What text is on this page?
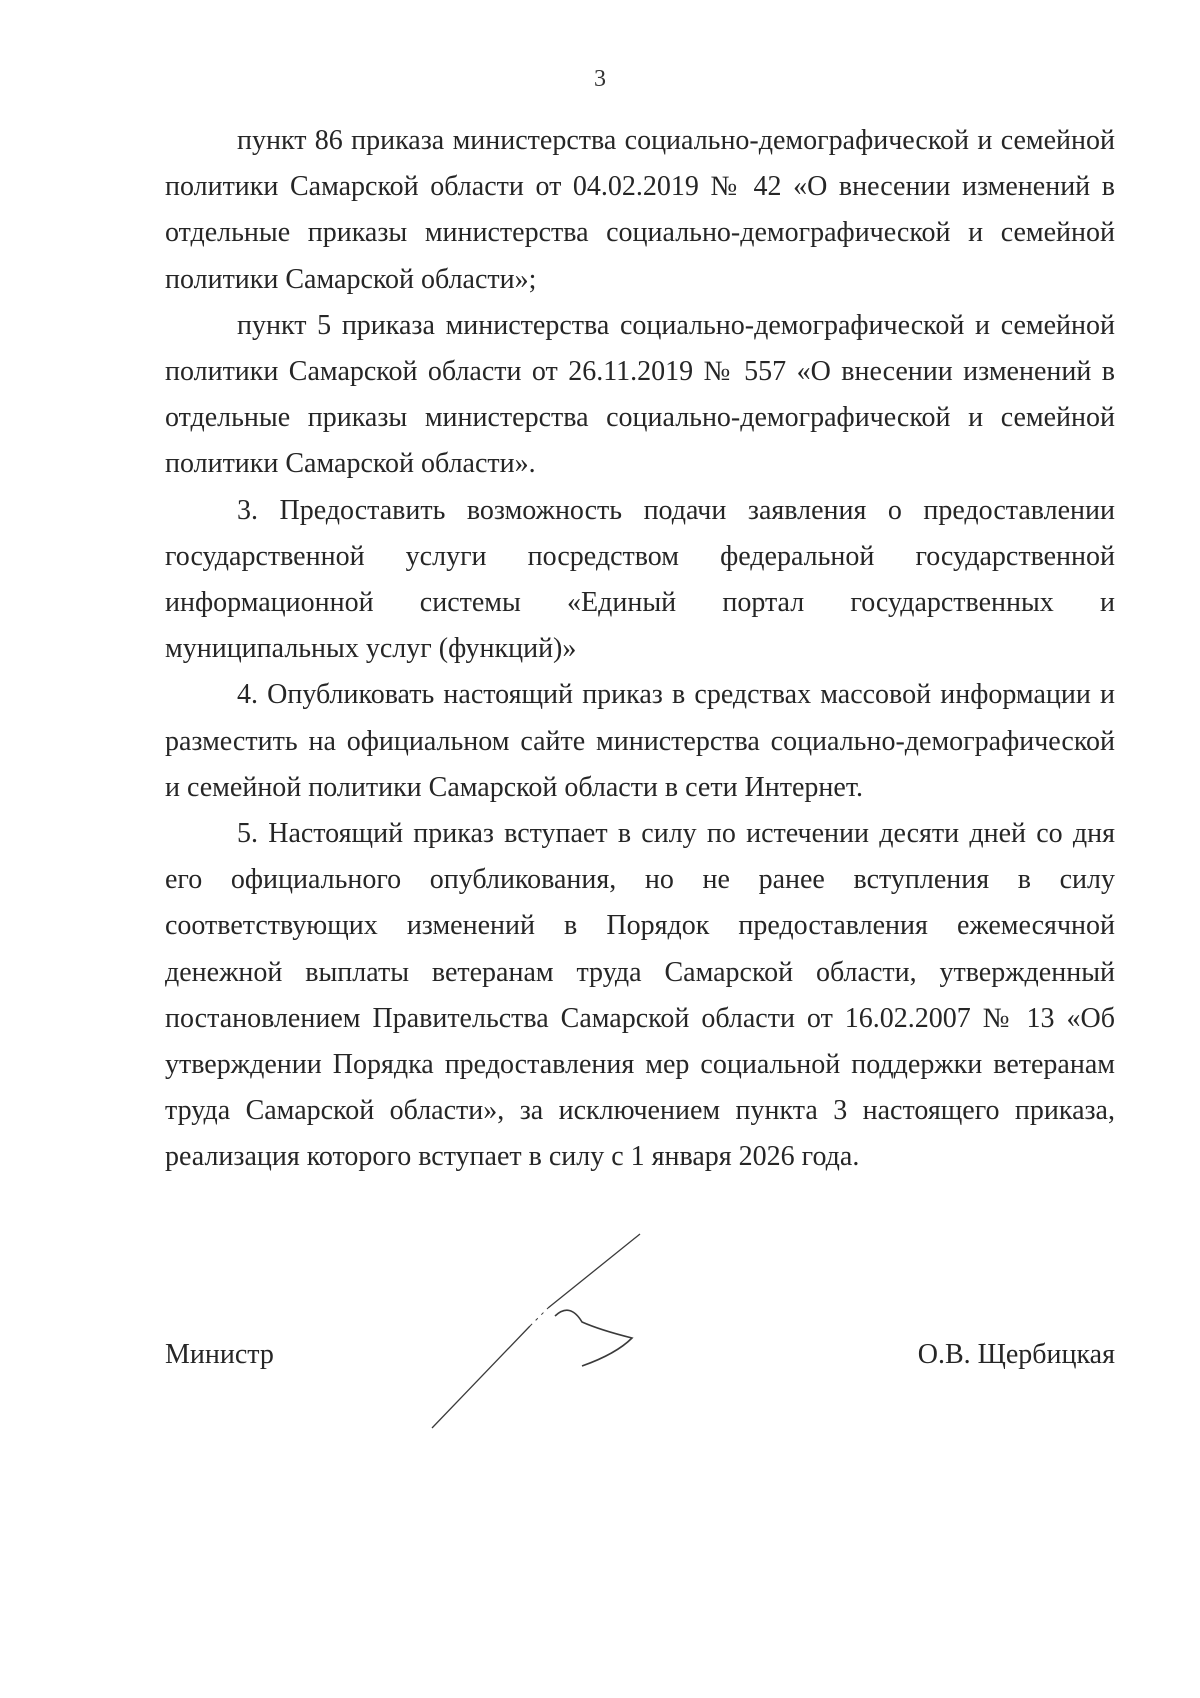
3

пункт 86 приказа министерства социально-демографической и семейной политики Самарской области от 04.02.2019 № 42 «О внесении изменений в отдельные приказы министерства социально-демографической и семейной политики Самарской области»;

пункт 5 приказа министерства социально-демографической и семейной политики Самарской области от 26.11.2019 № 557 «О внесении изменений в отдельные приказы министерства социально-демографической и семейной политики Самарской области».

3. Предоставить возможность подачи заявления о предоставлении государственной услуги посредством федеральной государственной информационной системы «Единый портал государственных и муниципальных услуг (функций)»

4. Опубликовать настоящий приказ в средствах массовой информации и разместить на официальном сайте министерства социально-демографической и семейной политики Самарской области в сети Интернет.

5. Настоящий приказ вступает в силу по истечении десяти дней со дня его официального опубликования, но не ранее вступления в силу соответствующих изменений в Порядок предоставления ежемесячной денежной выплаты ветеранам труда Самарской области, утвержденный постановлением Правительства Самарской области от 16.02.2007 № 13 «Об утверждении Порядка предоставления мер социальной поддержки ветеранам труда Самарской области», за исключением пункта 3 настоящего приказа, реализация которого вступает в силу с 1 января 2026 года.

Министр	О.В. Щербицкая
